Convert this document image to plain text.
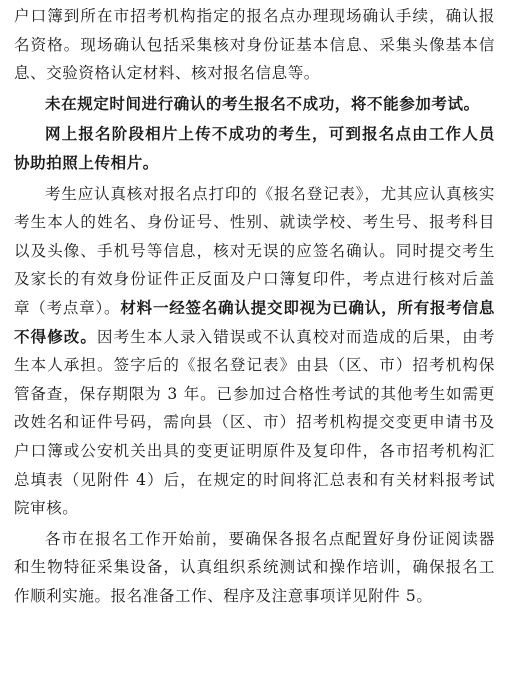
户口簿到所在市招考机构指定的报名点办理现场确认手续，确认报名资格。现场确认包括采集核对身份证基本信息、采集头像基本信息、交验资格认定材料、核对报名信息等。

未在规定时间进行确认的考生报名不成功，将不能参加考试。

网上报名阶段相片上传不成功的考生，可到报名点由工作人员协助拍照上传相片。

考生应认真核对报名点打印的《报名登记表》，尤其应认真核实考生本人的姓名、身份证号、性别、就读学校、考生号、报考科目以及头像、手机号等信息，核对无误的应签名确认。同时提交考生及家长的有效身份证件正反面及户口簿复印件，考点进行核对后盖章（考点章）。材料一经签名确认提交即视为已确认，所有报考信息不得修改。因考生本人录入错误或不认真校对而造成的后果，由考生本人承担。签字后的《报名登记表》由县（区、市）招考机构保管备查，保存期限为 3 年。已参加过合格性考试的其他考生如需更改姓名和证件号码，需向县（区、市）招考机构提交变更申请书及户口簿或公安机关出具的变更证明原件及复印件，各市招考机构汇总填表（见附件 4）后，在规定的时间将汇总表和有关材料报考试院审核。

各市在报名工作开始前，要确保各报名点配置好身份证阅读器和生物特征采集设备，认真组织系统测试和操作培训，确保报名工作顺利实施。报名准备工作、程序及注意事项详见附件 5。
